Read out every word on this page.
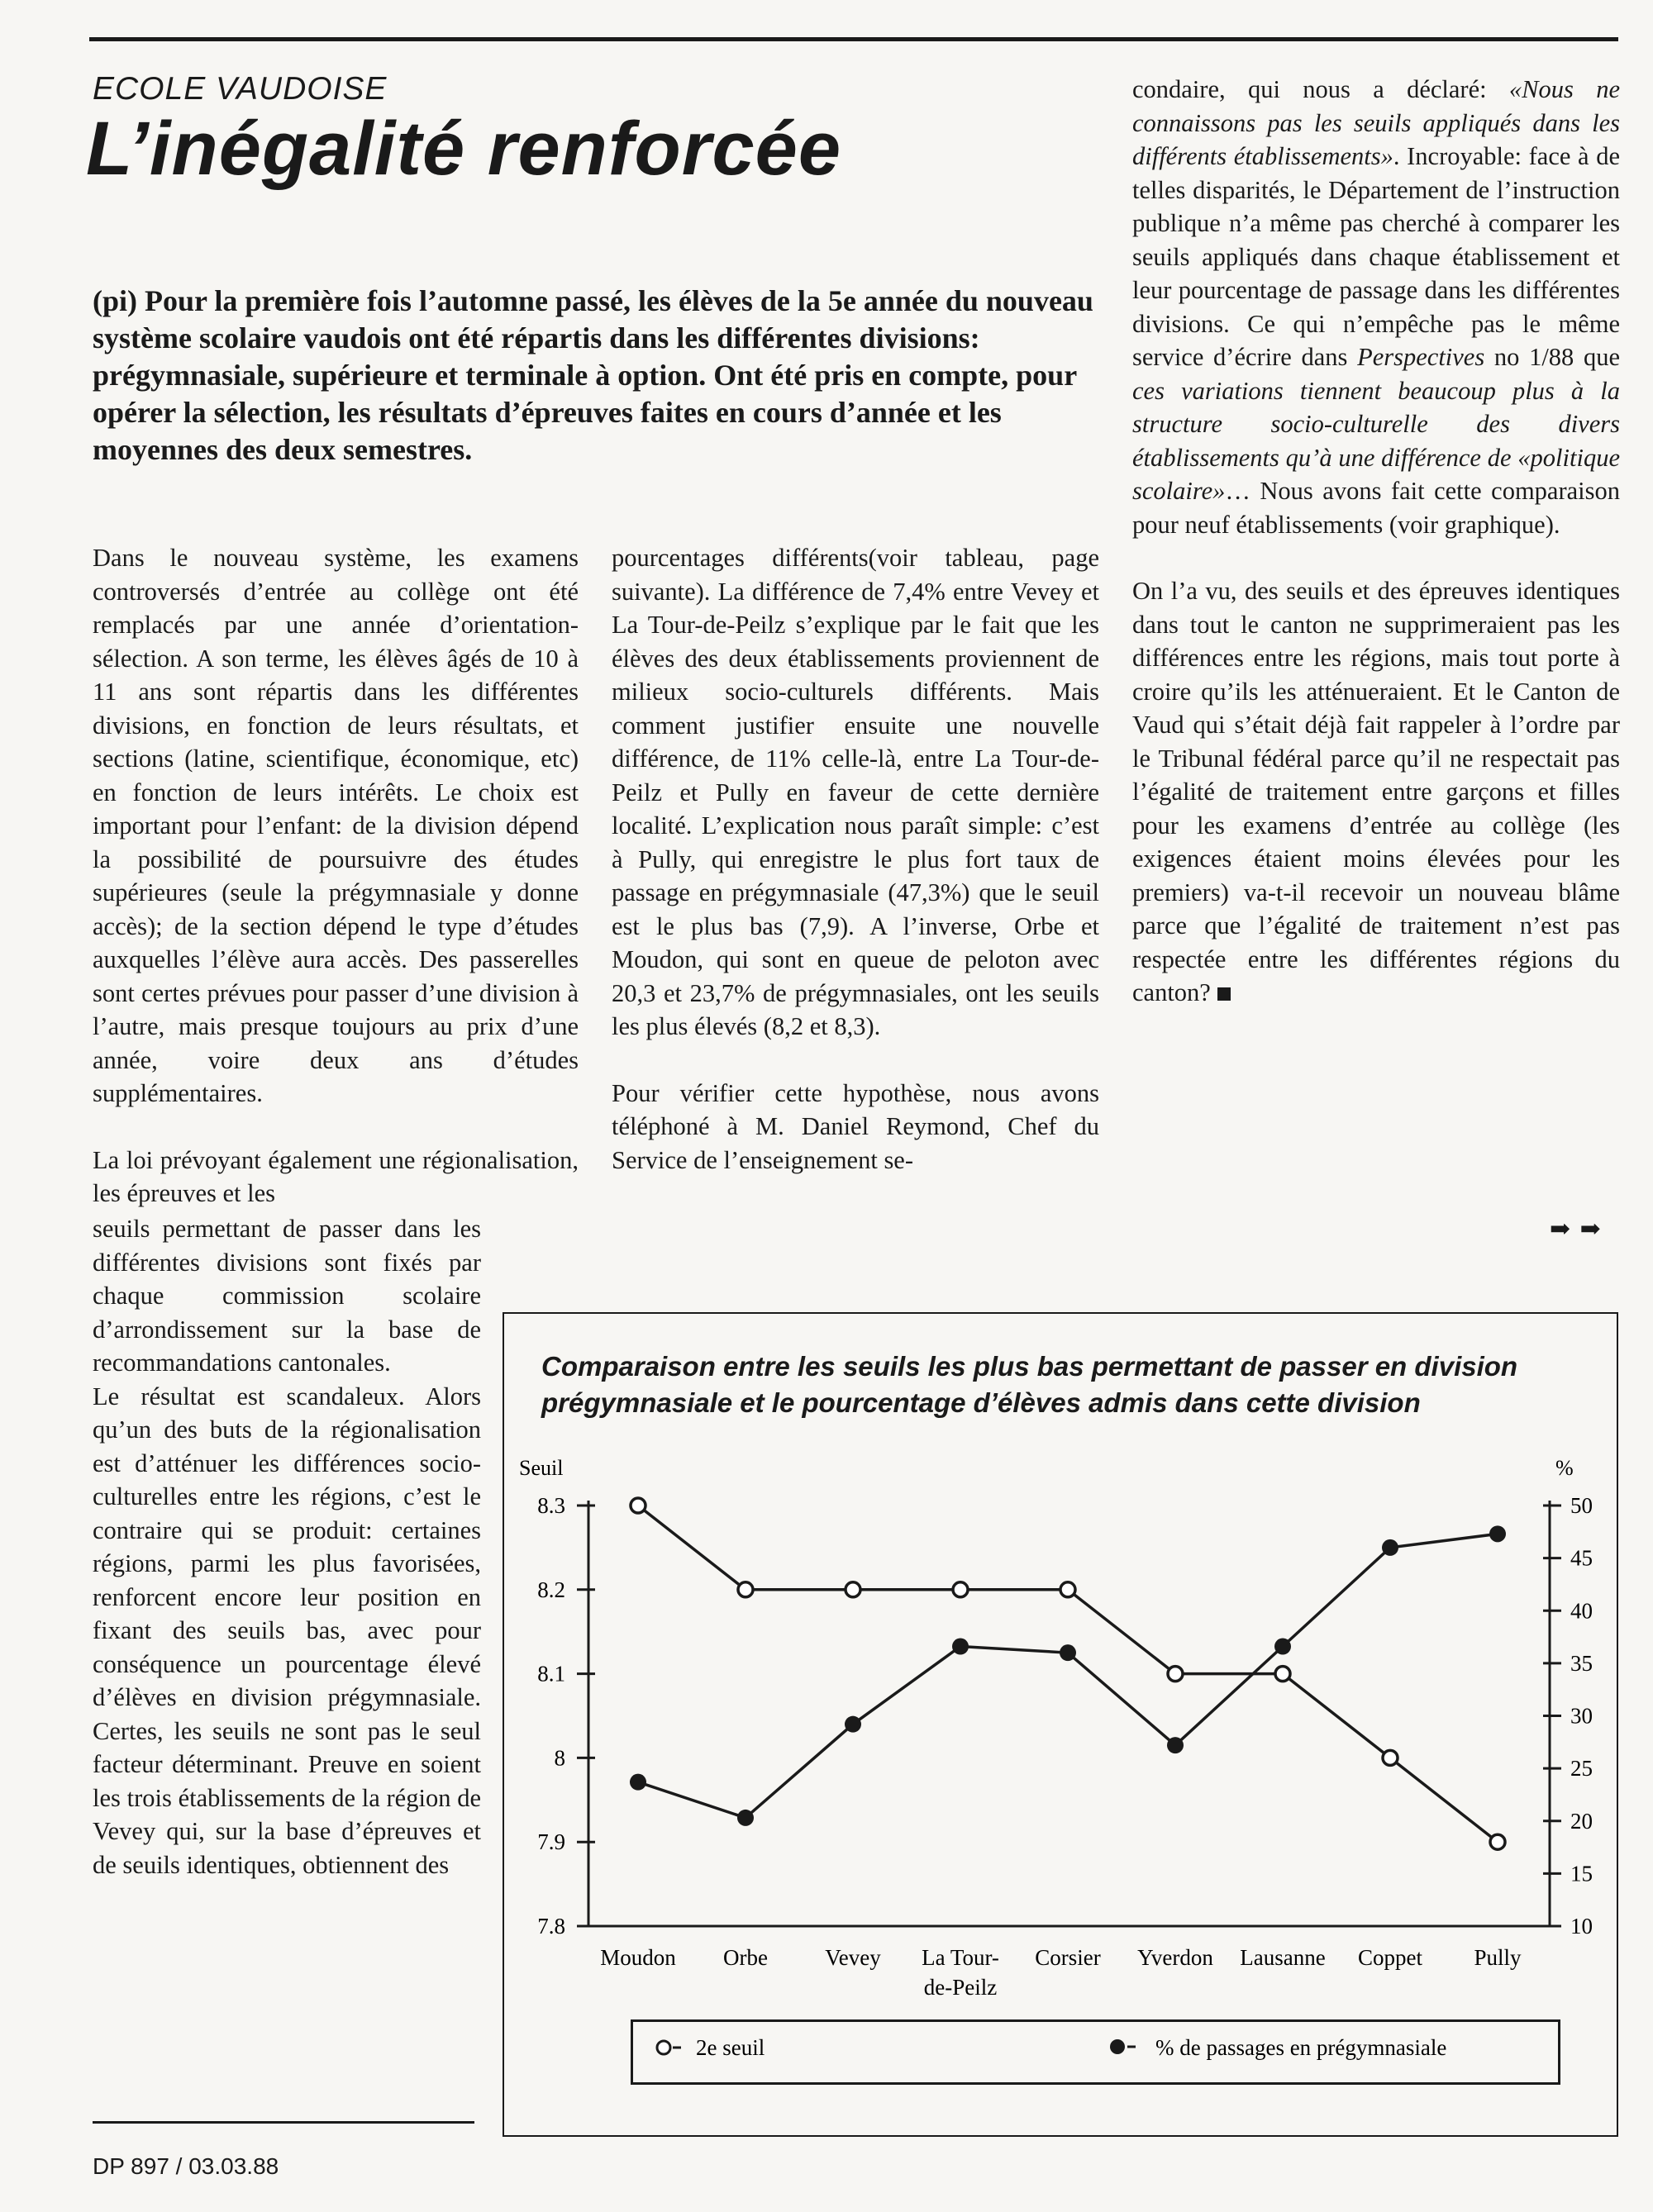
ECOLE VAUDOISE
L’inégalité renforcée

(pi) Pour la première fois l’automne passé, les élèves de la 5e année du nouveau système scolaire vaudois ont été répartis dans les différentes divisions: prégymnasiale, supérieure et terminale à option. Ont été pris en compte, pour opérer la sélection, les résultats d’épreuves faites en cours d’année et les moyennes des deux semestres.

Dans le nouveau système, les examens controversés d’entrée au collège ont été remplacés par une année d’orientation-sélection. A son terme, les élèves âgés de 10 à 11 ans sont répartis dans les différentes divisions, en fonction de leurs résultats, et sections (latine, scientifique, économique, etc) en fonction de leurs intérêts. Le choix est important pour l’enfant: de la division dépend la possibilité de poursuivre des études supérieures (seule la prégymnasiale y donne accès); de la section dépend le type d’études auxquelles l’élève aura accès. Des passerelles sont certes prévues pour passer d’une division à l’autre, mais presque toujours au prix d’une année, voire deux ans d’études supplémentaires.

La loi prévoyant également une régionalisation, les épreuves et les

seuils permettant de passer dans les différentes divisions sont fixés par chaque commission scolaire d’arrondissement sur la base de recommandations cantonales.

Le résultat est scandaleux. Alors qu’un des buts de la régionalisation est d’atténuer les différences socio-culturelles entre les régions, c’est le contraire qui se produit: certaines régions, parmi les plus favorisées, renforcent encore leur position en fixant des seuils bas, avec pour conséquence un pourcentage élevé d’élèves en division prégymnasiale. Certes, les seuils ne sont pas le seul facteur déterminant. Preuve en soient les trois établissements de la région de Vevey qui, sur la base d’épreuves et de seuils identiques, obtiennent des

pourcentages différents(voir tableau, page suivante). La différence de 7,4% entre Vevey et La Tour-de-Peilz s’explique par le fait que les élèves des deux établissements proviennent de milieux socio-culturels différents. Mais comment justifier ensuite une nouvelle différence, de 11% celle-là, entre La Tour-de-Peilz et Pully en faveur de cette dernière localité. L’explication nous paraît simple: c’est à Pully, qui enregistre le plus fort taux de passage en prégymnasiale (47,3%) que le seuil est le plus bas (7,9). A l’inverse, Orbe et Moudon, qui sont en queue de peloton avec 20,3 et 23,7% de prégymnasiales, ont les seuils les plus élevés (8,2 et 8,3).

Pour vérifier cette hypothèse, nous avons téléphoné à M. Daniel Reymond, Chef du Service de l’enseignement se-

condaire, qui nous a déclaré: «Nous ne connaissons pas les seuils appliqués dans les différents établissements». Incroyable: face à de telles disparités, le Département de l’instruction publique n’a même pas cherché à comparer les seuils appliqués dans chaque établissement et leur pourcentage de passage dans les différentes divisions. Ce qui n’empêche pas le même service d’écrire dans Perspectives no 1/88 que ces variations tiennent beaucoup plus à la structure socio-culturelle des divers établissements qu’à une différence de «politique scolaire»… Nous avons fait cette comparaison pour neuf établissements (voir graphique).

On l’a vu, des seuils et des épreuves identiques dans tout le canton ne supprimeraient pas les différences entre les régions, mais tout porte à croire qu’ils les atténueraient. Et le Canton de Vaud qui s’était déjà fait rappeler à l’ordre par le Tribunal fédéral parce qu’il ne respectait pas l’égalité de traitement entre garçons et filles pour les examens d’entrée au collège (les exigences étaient moins élevées pour les premiers) va-t-il recevoir un nouveau blâme parce que l’égalité de traitement n’est pas respectée entre les différentes régions du canton?

➡ ➡
Comparaison entre les seuils les plus bas permettant de passer en division prégymnasiale et le pourcentage d’élèves admis dans cette division
Seuil	%
7.8
7.9
8
8.1
8.2
8.3
10
15
20
25
30
35
40
45
50
Moudon Orbe	Vevey La Tour-
de-Peilz
Corsier Yverdon Lausanne Coppet Pully
2e seuil	% de passages en prégymnasiale
DP 897 / 03.03.88
